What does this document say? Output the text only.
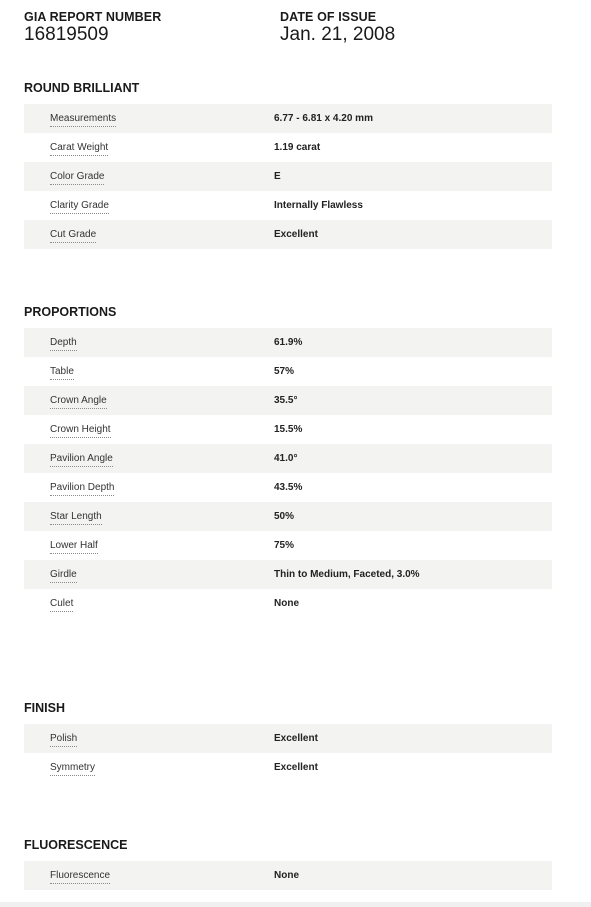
GIA REPORT NUMBER
16819509
DATE OF ISSUE
Jan. 21, 2008
ROUND BRILLIANT
Measurements	6.77 - 6.81 x 4.20 mm
Carat Weight	1.19 carat
Color Grade	E
Clarity Grade	Internally Flawless
Cut Grade	Excellent
PROPORTIONS
Depth	61.9%
Table	57%
Crown Angle	35.5°
Crown Height	15.5%
Pavilion Angle	41.0°
Pavilion Depth	43.5%
Star Length	50%
Lower Half	75%
Girdle	Thin to Medium, Faceted, 3.0%
Culet	None
FINISH
Polish	Excellent
Symmetry	Excellent
FLUORESCENCE
Fluorescence	None
